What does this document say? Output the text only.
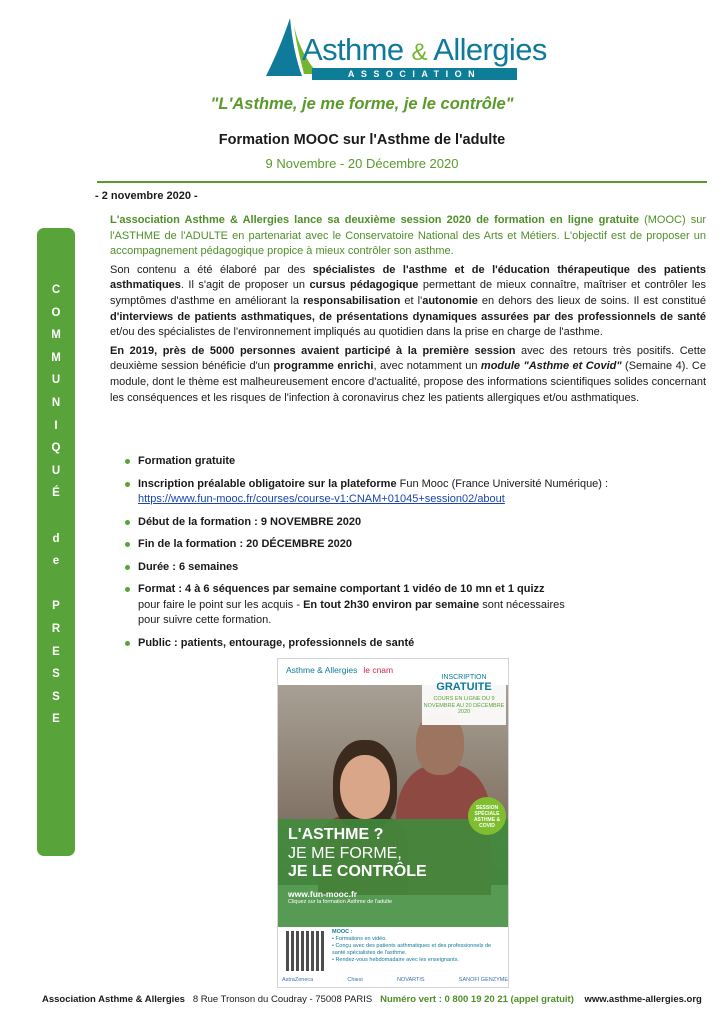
Asthme & Allergies
ASSOCIATION
"L'Asthme, je me forme, je le contrôle"
Formation MOOC sur l'Asthme de l'adulte
9 Novembre - 20 Décembre 2020
- 2 novembre 2020 -
C
O
M
M
U
N
I
Q
U
É
d
e
P
R
E
S
S
E

L'association Asthme & Allergies lance sa deuxième session 2020 de formation en ligne gratuite (MOOC) sur l'ASTHME de l'ADULTE en partenariat avec le Conservatoire National des Arts et Métiers. L'objectif est de proposer un accompagnement pédagogique propice à mieux contrôler son asthme.

Son contenu a été élaboré par des spécialistes de l'asthme et de l'éducation thérapeutique des patients asthmatiques. Il s'agit de proposer un cursus pédagogique permettant de mieux connaître, maîtriser et contrôler les symptômes d'asthme en améliorant la responsabilisation et l'autonomie en dehors des lieux de soins. Il est constitué d'interviews de patients asthmatiques, de présentations dynamiques assurées par des professionnels de santé et/ou des spécialistes de l'environnement impliqués au quotidien dans la prise en charge de l'asthme.

En 2019, près de 5000 personnes avaient participé à la première session avec des retours très positifs. Cette deuxième session bénéficie d'un programme enrichi, avec notamment un module "Asthme et Covid" (Semaine 4). Ce module, dont le thème est malheureusement encore d'actualité, propose des informations scientifiques solides concernant les conséquences et les risques de l'infection à coronavirus chez les patients allergiques et/ou asthmatiques.

Formation gratuite
Inscription préalable obligatoire sur la plateforme Fun Mooc (France Université Numérique) :
https://www.fun-mooc.fr/courses/course-v1:CNAM+01045+session02/about
Début de la formation : 9 NOVEMBRE 2020
Fin de la formation : 20 DÉCEMBRE 2020
Durée : 6 semaines
Format : 4 à 6 séquences par semaine comportant 1 vidéo de 10 mn et 1 quizz
pour faire le point sur les acquis - En tout 2h30 environ par semaine sont nécessaires
pour suivre cette formation.
Public : patients, entourage, professionnels de santé
Asthme & Allergies le cnam
INSCRIPTION
GRATUITE
COURS EN LIGNE DU 9 NOVEMBRE AU 20 DÉCEMBRE 2020
L'ASTHME ?
JE ME FORME,
JE LE CONTRÔLE
www.fun-mooc.fr
Cliquez sur la formation Asthme de l'adulte
SESSION SPÉCIALE ASTHME & COVID
MOOC :
• Formations en vidéo.
• Conçu avec des patients asthmatiques et des professionnels de santé spécialistes de l'asthme.
• Rendez-vous hebdomadaire avec les enseignants.
AstraZeneca	Chiesi	NOVARTIS	SANOFI GENZYME
Association Asthme & Allergies 8 Rue Tronson du Coudray - 75008 PARIS Numéro vert : 0 800 19 20 21 (appel gratuit) www.asthme-allergies.org
